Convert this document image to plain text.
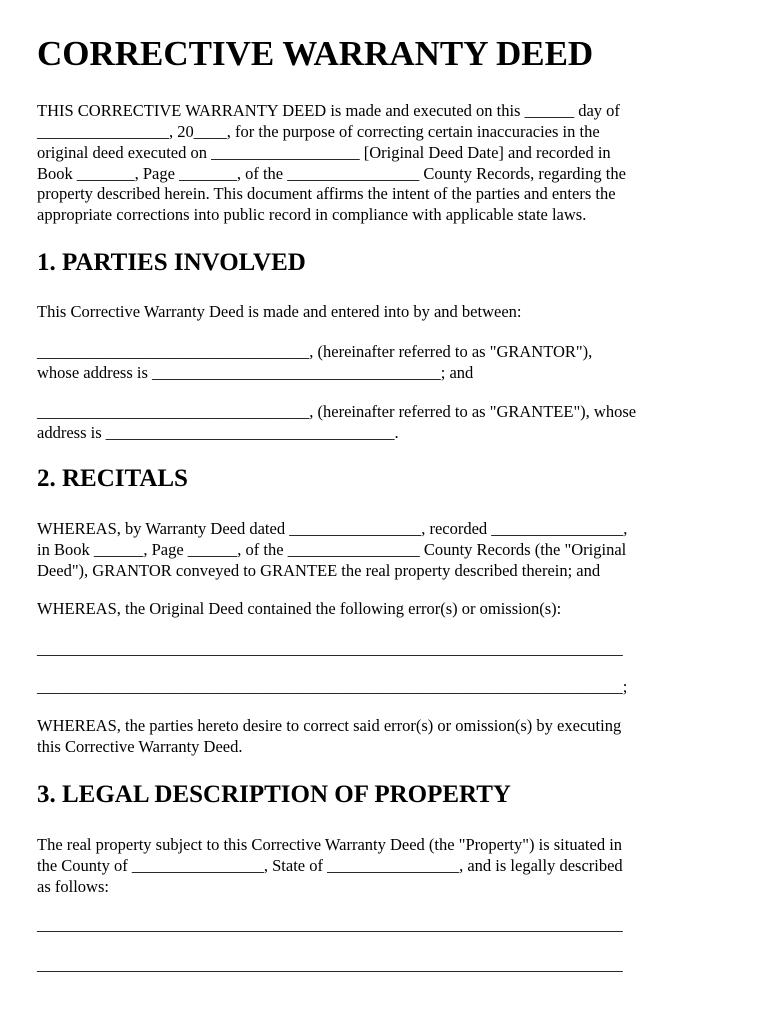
CORRECTIVE WARRANTY DEED

THIS CORRECTIVE WARRANTY DEED is made and executed on this ______ day of

________________, 20____, for the purpose of correcting certain inaccuracies in the

original deed executed on __________________ [Original Deed Date] and recorded in

Book _______, Page _______, of the ________________ County Records, regarding the

property described herein. This document affirms the intent of the parties and enters the

appropriate corrections into public record in compliance with applicable state laws.

1. PARTIES INVOLVED

This Corrective Warranty Deed is made and entered into by and between:

_________________________________, (hereinafter referred to as "GRANTOR"),

whose address is ___________________________________; and

_________________________________, (hereinafter referred to as "GRANTEE"), whose

address is ___________________________________.

2. RECITALS

WHEREAS, by Warranty Deed dated ________________, recorded ________________,

in Book ______, Page ______, of the ________________ County Records (the "Original

Deed"), GRANTOR conveyed to GRANTEE the real property described therein; and

WHEREAS, the Original Deed contained the following error(s) or omission(s):

_______________________________________________________________________

_______________________________________________________________________;

WHEREAS, the parties hereto desire to correct said error(s) or omission(s) by executing

this Corrective Warranty Deed.

3. LEGAL DESCRIPTION OF PROPERTY

The real property subject to this Corrective Warranty Deed (the "Property") is situated in

the County of ________________, State of ________________, and is legally described

as follows:

_______________________________________________________________________

_______________________________________________________________________
